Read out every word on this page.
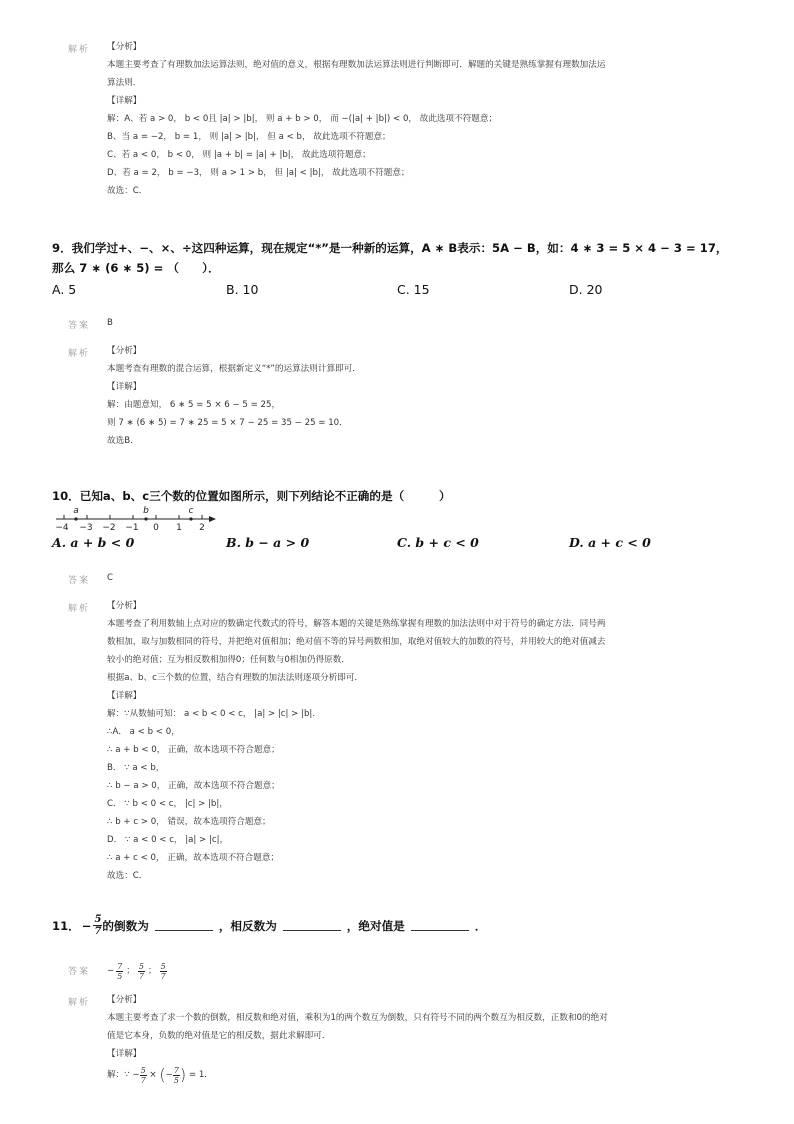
解析 【分析】
本题主要考查了有理数加法运算法则，绝对值的意义，根据有理数加法运算法则进行判断即可．解题的关键是熟练掌握有理数加法运
算法则．
【详解】
解：A、若 a > 0， b < 0且 |a| > |b|， 则 a + b > 0， 而 −(|a| + |b|) < 0， 故此选项不符题意；
B、当 a = −2， b = 1， 则 |a| > |b|， 但 a < b， 故此选项不符题意；
C、若 a < 0， b < 0， 则 |a + b| = |a| + |b|， 故此选项符题意；
D、若 a = 2， b = −3， 则 a > 1 > b， 但 |a| < |b|， 故此选项不符题意；
故选：C．
9．我们学过+、−、×、÷这四种运算，现在规定“*”是一种新的运算，A ∗ B表示：5A − B，如：4 ∗ 3 = 5 × 4 − 3 = 17，
那么 7 ∗ (6 ∗ 5) = （　　）．
A. 5	B. 10	C. 15	D. 20
答案 B
解析 【分析】
本题考查有理数的混合运算，根据新定义“*”的运算法则计算即可．
【详解】
解：由题意知， 6 ∗ 5 = 5 × 6 − 5 = 25，
则 7 ∗ (6 ∗ 5) = 7 ∗ 25 = 5 × 7 − 25 = 35 − 25 = 10．
故选B．
10．已知a、b、c三个数的位置如图所示，则下列结论不正确的是（　　　）
−4 −3 −2 −1 0 1 2
a	b	c
A. a + b < 0	B. b − a > 0	C. b + c < 0	D. a + c < 0
答案 C
解析 【分析】
本题考查了利用数轴上点对应的数确定代数式的符号，解答本题的关键是熟练掌握有理数的加法法则中对于符号的确定方法．同号两
数相加，取与加数相同的符号，并把绝对值相加；绝对值不等的异号两数相加，取绝对值较大的加数的符号，并用较大的绝对值减去
较小的绝对值；互为相反数相加得0；任何数与0相加仍得原数．
根据a、b、c三个数的位置，结合有理数的加法法则逐项分析即可．
【详解】
解：∵从数轴可知： a < b < 0 < c， |a| > |c| > |b|．
∴A． a < b < 0，
∴ a + b < 0， 正确，故本选项不符合题意；
B． ∵ a < b，
∴ b − a > 0， 正确，故本选项不符合题意；
C． ∵ b < 0 < c， |c| > |b|，
∴ b + c > 0， 错误，故本选项符合题意；
D． ∵ a < 0 < c， |a| > |c|，
∴ a + c < 0， 正确，故本选项不符合题意；
故选：C．
11． − $\frac{5}{7}$ 的倒数为	，相反数为	，绝对值是	．
答案 − $\frac{7}{5}$ ； $\frac{5}{7}$ ； $\frac{5}{7}$
解析 【分析】
本题主要考查了求一个数的倒数，相反数和绝对值，乘积为1的两个数互为倒数，只有符号不同的两个数互为相反数，正数和0的绝对
值是它本身，负数的绝对值是它的相反数，据此求解即可．
【详解】
解：∵ − $\frac{5}{7}$ × ( − $\frac{7}{5}$ ) = 1．
